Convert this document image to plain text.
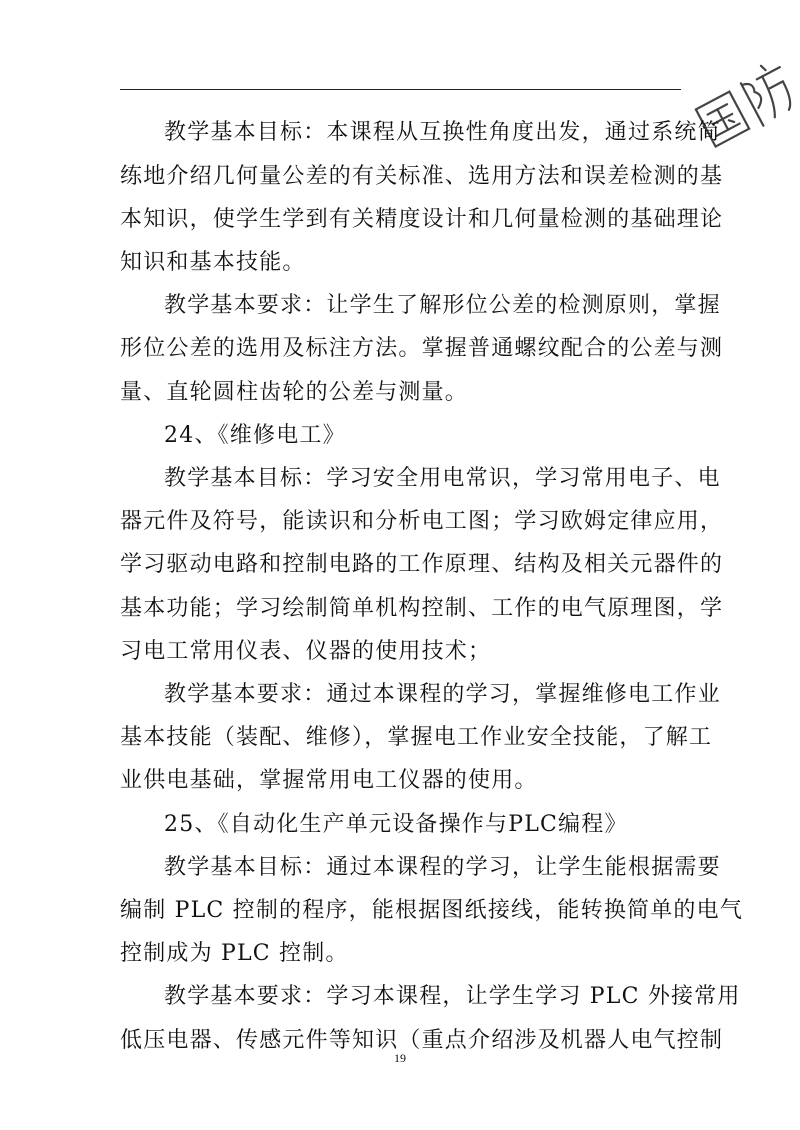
教学基本目标：本课程从互换性角度出发，通过系统简
练地介绍几何量公差的有关标准、选用方法和误差检测的基
本知识，使学生学到有关精度设计和几何量检测的基础理论
知识和基本技能。
教学基本要求：让学生了解形位公差的检测原则，掌握
形位公差的选用及标注方法。掌握普通螺纹配合的公差与测
量、直轮圆柱齿轮的公差与测量。
24、《维修电工》
教学基本目标：学习安全用电常识，学习常用电子、电
器元件及符号，能读识和分析电工图；学习欧姆定律应用，
学习驱动电路和控制电路的工作原理、结构及相关元器件的
基本功能；学习绘制简单机构控制、工作的电气原理图，学
习电工常用仪表、仪器的使用技术；
教学基本要求：通过本课程的学习，掌握维修电工作业
基本技能（装配、维修），掌握电工作业安全技能，了解工
业供电基础，掌握常用电工仪器的使用。
25、《自动化生产单元设备操作与PLC编程》
教学基本目标：通过本课程的学习，让学生能根据需要
编制 PLC 控制的程序，能根据图纸接线，能转换简单的电气
控制成为 PLC 控制。
教学基本要求：学习本课程，让学生学习 PLC 外接常用
低压电器、传感元件等知识（重点介绍涉及机器人电气控制
19
